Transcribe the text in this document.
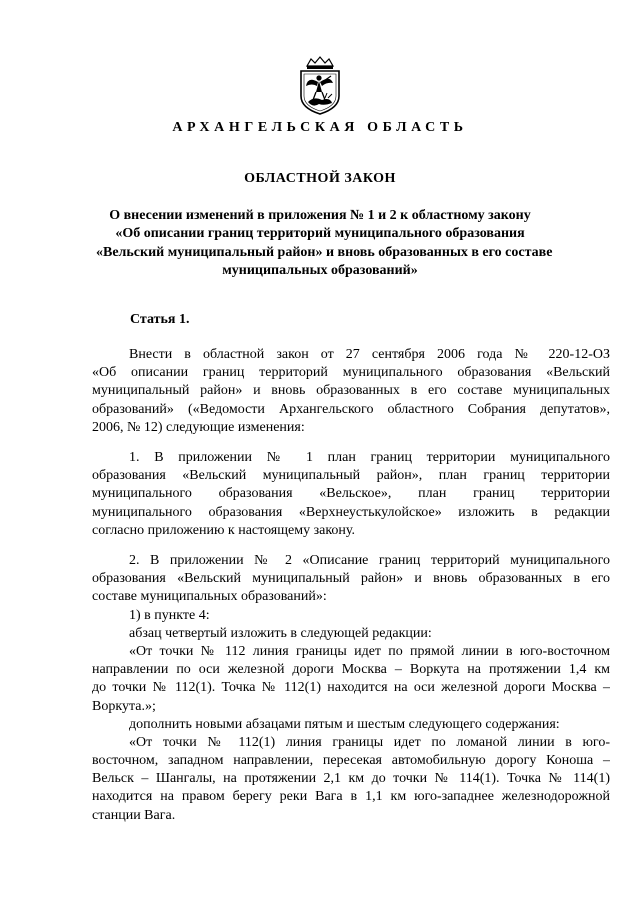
АРХАНГЕЛЬСКАЯ ОБЛАСТЬ
ОБЛАСТНОЙ ЗАКОН
О внесении изменений в приложения № 1 и 2 к областному закону
«Об описании границ территорий муниципального образования
«Вельский муниципальный район» и вновь образованных в его составе
муниципальных образований»
Статья 1.
Внести в областной закон от 27 сентября 2006 года № 220-12-ОЗ
«Об описании границ территорий муниципального образования «Вельский
муниципальный район» и вновь образованных в его составе муниципальных
образований» («Ведомости Архангельского областного Собрания депутатов»,
2006, № 12) следующие изменения:
1. В приложении № 1 план границ территории муниципального
образования «Вельский муниципальный район», план границ территории
муниципального образования «Вельское», план границ территории
муниципального образования «Верхнеустькулойское» изложить в редакции
согласно приложению к настоящему закону.
2. В приложении № 2 «Описание границ территорий муниципального
образования «Вельский муниципальный район» и вновь образованных в его
составе муниципальных образований»:
1) в пункте 4:
абзац четвертый изложить в следующей редакции:
«От точки № 112 линия границы идет по прямой линии в юго-восточном
направлении по оси железной дороги Москва – Воркута на протяжении 1,4 км
до точки № 112(1). Точка № 112(1) находится на оси железной дороги Москва –
Воркута.»;
дополнить новыми абзацами пятым и шестым следующего содержания:
«От точки № 112(1) линия границы идет по ломаной линии в юго-
восточном, западном направлении, пересекая автомобильную дорогу Коноша –
Вельск – Шангалы, на протяжении 2,1 км до точки № 114(1). Точка № 114(1)
находится на правом берегу реки Вага в 1,1 км юго-западнее железнодорожной
станции Вага.
